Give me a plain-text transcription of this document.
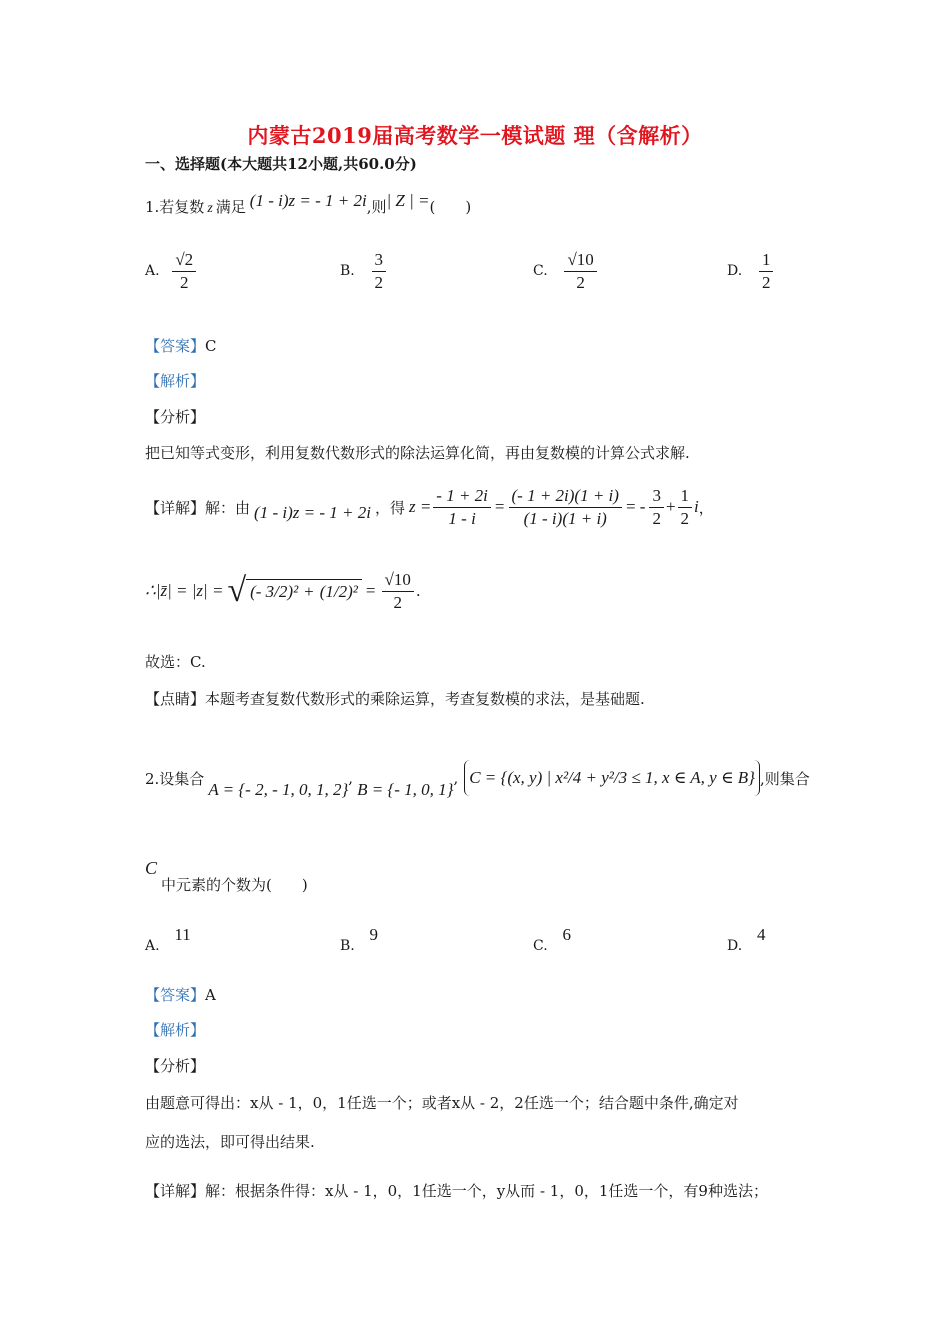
内蒙古2019届高考数学一模试题 理（含解析）
一、选择题(本大题共12小题,共60.0分)
1.若复数 z 满足 (1 - i)z = - 1 + 2i,则| Z | =(　　)
A. $\frac{√2}{2}$	B. $\frac{3}{2}$	C. $\frac{√10}{2}$	D. $\frac{1}{2}$
【答案】C
【解析】
【分析】
把已知等式变形，利用复数代数形式的除法运算化简，再由复数模的计算公式求解.
【详解】 解：由 (1 - i)z = - 1 + 2i ，得 $z = \frac{- 1 + 2i}{1 - i} = \frac{(- 1 + 2i)(1 + i)}{(1 - i)(1 + i)}$ = - $\frac{3}{2} + \frac{1}{2}$ i ，
∴|z̄| = |z| = √ (- $3/2)^2 + (1/2)^2 = \frac{√10}{2}$ .
故选：C.
【点睛】本题考查复数代数形式的乘除运算，考查复数模的求法，是基础题.
2.设集合
A = {- 2, - 1, 0, 1, 2}
,
B = {- 1, 0, 1}
, C = {(x, y) | x²/4 + y²/3 ≤ 1, x ∈ A, y ∈ B} ,则集合
C
中元素的个数为(　　)
A. 11
B. 9
C. 6
D. 4
【答案】A
【解析】
【分析】
由题意可得出：x从 - 1，0，1任选一个；或者x从 - 2，2任选一个；结合题中条件,确定对
应的选法，即可得出结果.
【详解】解：根据条件得：x从 - 1，0，1任选一个，y从而 - 1，0，1任选一个，有9种选法；
